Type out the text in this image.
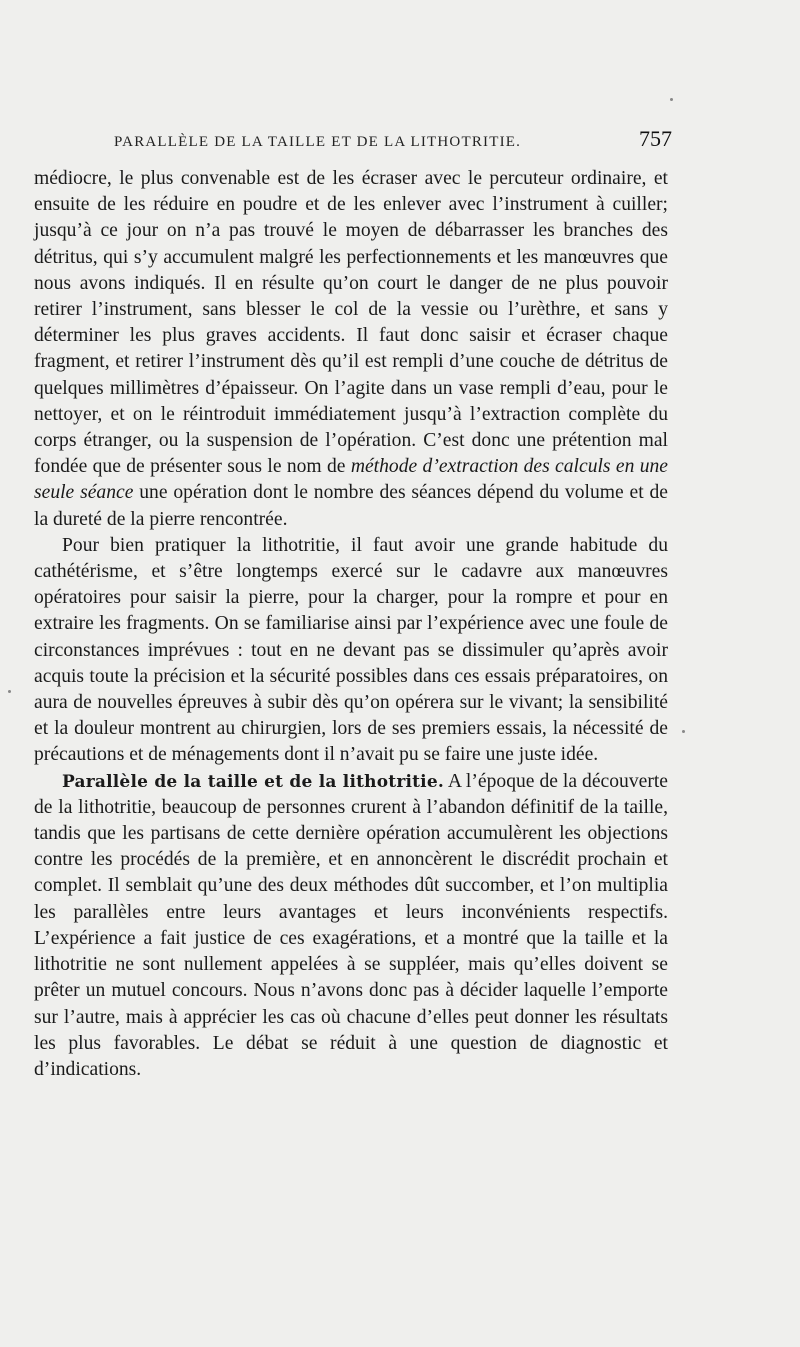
PARALLÈLE DE LA TAILLE ET DE LA LITHOTRITIE.	757

médiocre, le plus convenable est de les écraser avec le percuteur ordinaire, et ensuite de les réduire en poudre et de les enlever avec l’instrument à cuiller; jusqu’à ce jour on n’a pas trouvé le moyen de débarrasser les branches des détritus, qui s’y accumulent malgré les perfectionnements et les manœuvres que nous avons indiqués. Il en résulte qu’on court le danger de ne plus pouvoir retirer l’instrument, sans blesser le col de la vessie ou l’urèthre, et sans y déterminer les plus graves accidents. Il faut donc saisir et écraser chaque fragment, et retirer l’instrument dès qu’il est rempli d’une couche de détritus de quelques millimètres d’épaisseur. On l’agite dans un vase rempli d’eau, pour le nettoyer, et on le réintroduit immédiatement jusqu’à l’extraction complète du corps étranger, ou la suspension de l’opération. C’est donc une prétention mal fondée que de présenter sous le nom de méthode d’extraction des calculs en une seule séance une opération dont le nombre des séances dépend du volume et de la dureté de la pierre rencontrée.

Pour bien pratiquer la lithotritie, il faut avoir une grande habitude du cathétérisme, et s’être longtemps exercé sur le cadavre aux manœuvres opératoires pour saisir la pierre, pour la charger, pour la rompre et pour en extraire les fragments. On se familiarise ainsi par l’expérience avec une foule de circonstances imprévues : tout en ne devant pas se dissimuler qu’après avoir acquis toute la précision et la sécurité possibles dans ces essais préparatoires, on aura de nouvelles épreuves à subir dès qu’on opérera sur le vivant; la sensibilité et la douleur montrent au chirurgien, lors de ses premiers essais, la nécessité de précautions et de ménagements dont il n’avait pu se faire une juste idée.

Parallèle de la taille et de la lithotritie. A l’époque de la découverte de la lithotritie, beaucoup de personnes crurent à l’abandon définitif de la taille, tandis que les partisans de cette dernière opération accumulèrent les objections contre les procédés de la première, et en annoncèrent le discrédit prochain et complet. Il semblait qu’une des deux méthodes dût succomber, et l’on multiplia les parallèles entre leurs avantages et leurs inconvénients respectifs. L’expérience a fait justice de ces exagérations, et a montré que la taille et la lithotritie ne sont nullement appelées à se suppléer, mais qu’elles doivent se prêter un mutuel concours. Nous n’avons donc pas à décider laquelle l’emporte sur l’autre, mais à apprécier les cas où chacune d’elles peut donner les résultats les plus favorables. Le débat se réduit à une question de diagnostic et d’indications.
